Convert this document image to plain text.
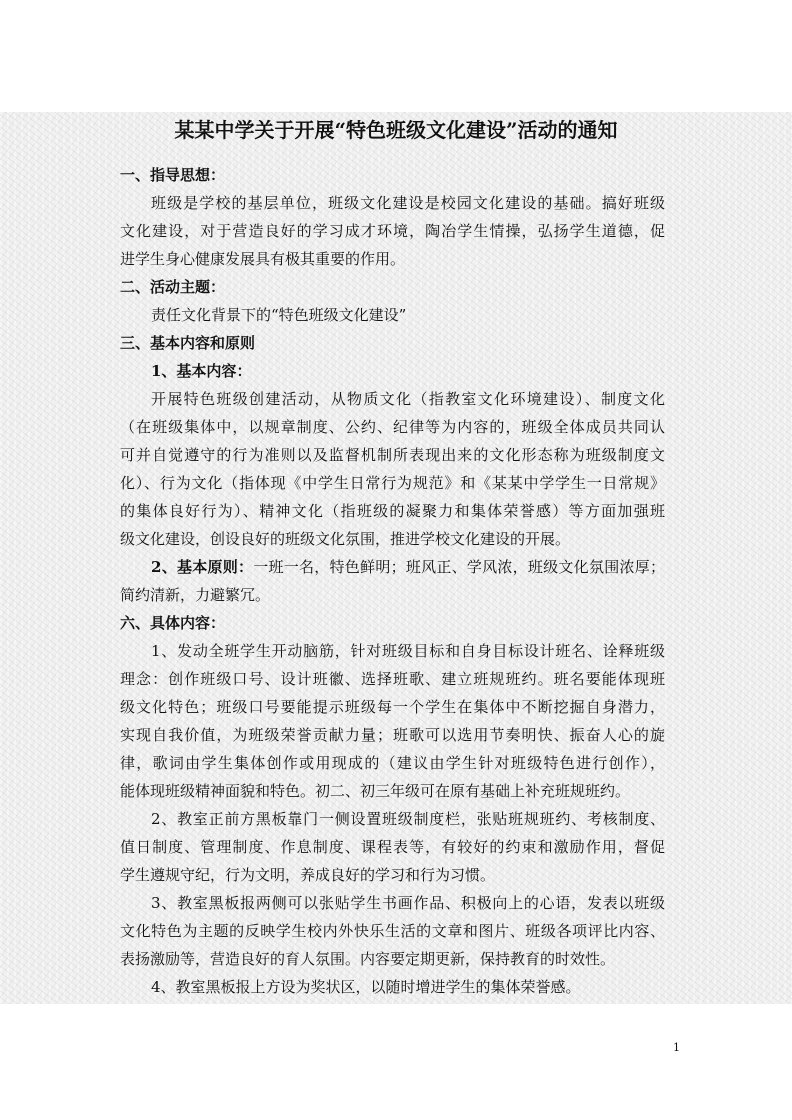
某某中学关于开展“特色班级文化建设”活动的通知
一、指导思想：
班级是学校的基层单位，班级文化建设是校园文化建设的基础。搞好班级
文化建设，对于营造良好的学习成才环境，陶冶学生情操，弘扬学生道德，促
进学生身心健康发展具有极其重要的作用。
二、活动主题：
责任文化背景下的“特色班级文化建设”
三、基本内容和原则
1、基本内容：
开展特色班级创建活动，从物质文化（指教室文化环境建设）、制度文化
（在班级集体中，以规章制度、公约、纪律等为内容的，班级全体成员共同认
可并自觉遵守的行为准则以及监督机制所表现出来的文化形态称为班级制度文
化）、行为文化（指体现《中学生日常行为规范》和《某某中学学生一日常规》
的集体良好行为）、精神文化（指班级的凝聚力和集体荣誉感）等方面加强班
级文化建设，创设良好的班级文化氛围，推进学校文化建设的开展。
2、基本原则：一班一名，特色鲜明；班风正、学风浓，班级文化氛围浓厚；
简约清新，力避繁冗。
六、具体内容：
1、发动全班学生开动脑筋，针对班级目标和自身目标设计班名、诠释班级
理念：创作班级口号、设计班徽、选择班歌、建立班规班约。班名要能体现班
级文化特色；班级口号要能提示班级每一个学生在集体中不断挖掘自身潜力，
实现自我价值，为班级荣誉贡献力量；班歌可以选用节奏明快、振奋人心的旋
律，歌词由学生集体创作或用现成的（建议由学生针对班级特色进行创作），
能体现班级精神面貌和特色。初二、初三年级可在原有基础上补充班规班约。
2、教室正前方黑板靠门一侧设置班级制度栏，张贴班规班约、考核制度、
值日制度、管理制度、作息制度、课程表等，有较好的约束和激励作用，督促
学生遵规守纪，行为文明，养成良好的学习和行为习惯。
3、教室黑板报两侧可以张贴学生书画作品、积极向上的心语，发表以班级
文化特色为主题的反映学生校内外快乐生活的文章和图片、班级各项评比内容、
表扬激励等，营造良好的育人氛围。内容要定期更新，保持教育的时效性。
4、教室黑板报上方设为奖状区，以随时增进学生的集体荣誉感。
1
